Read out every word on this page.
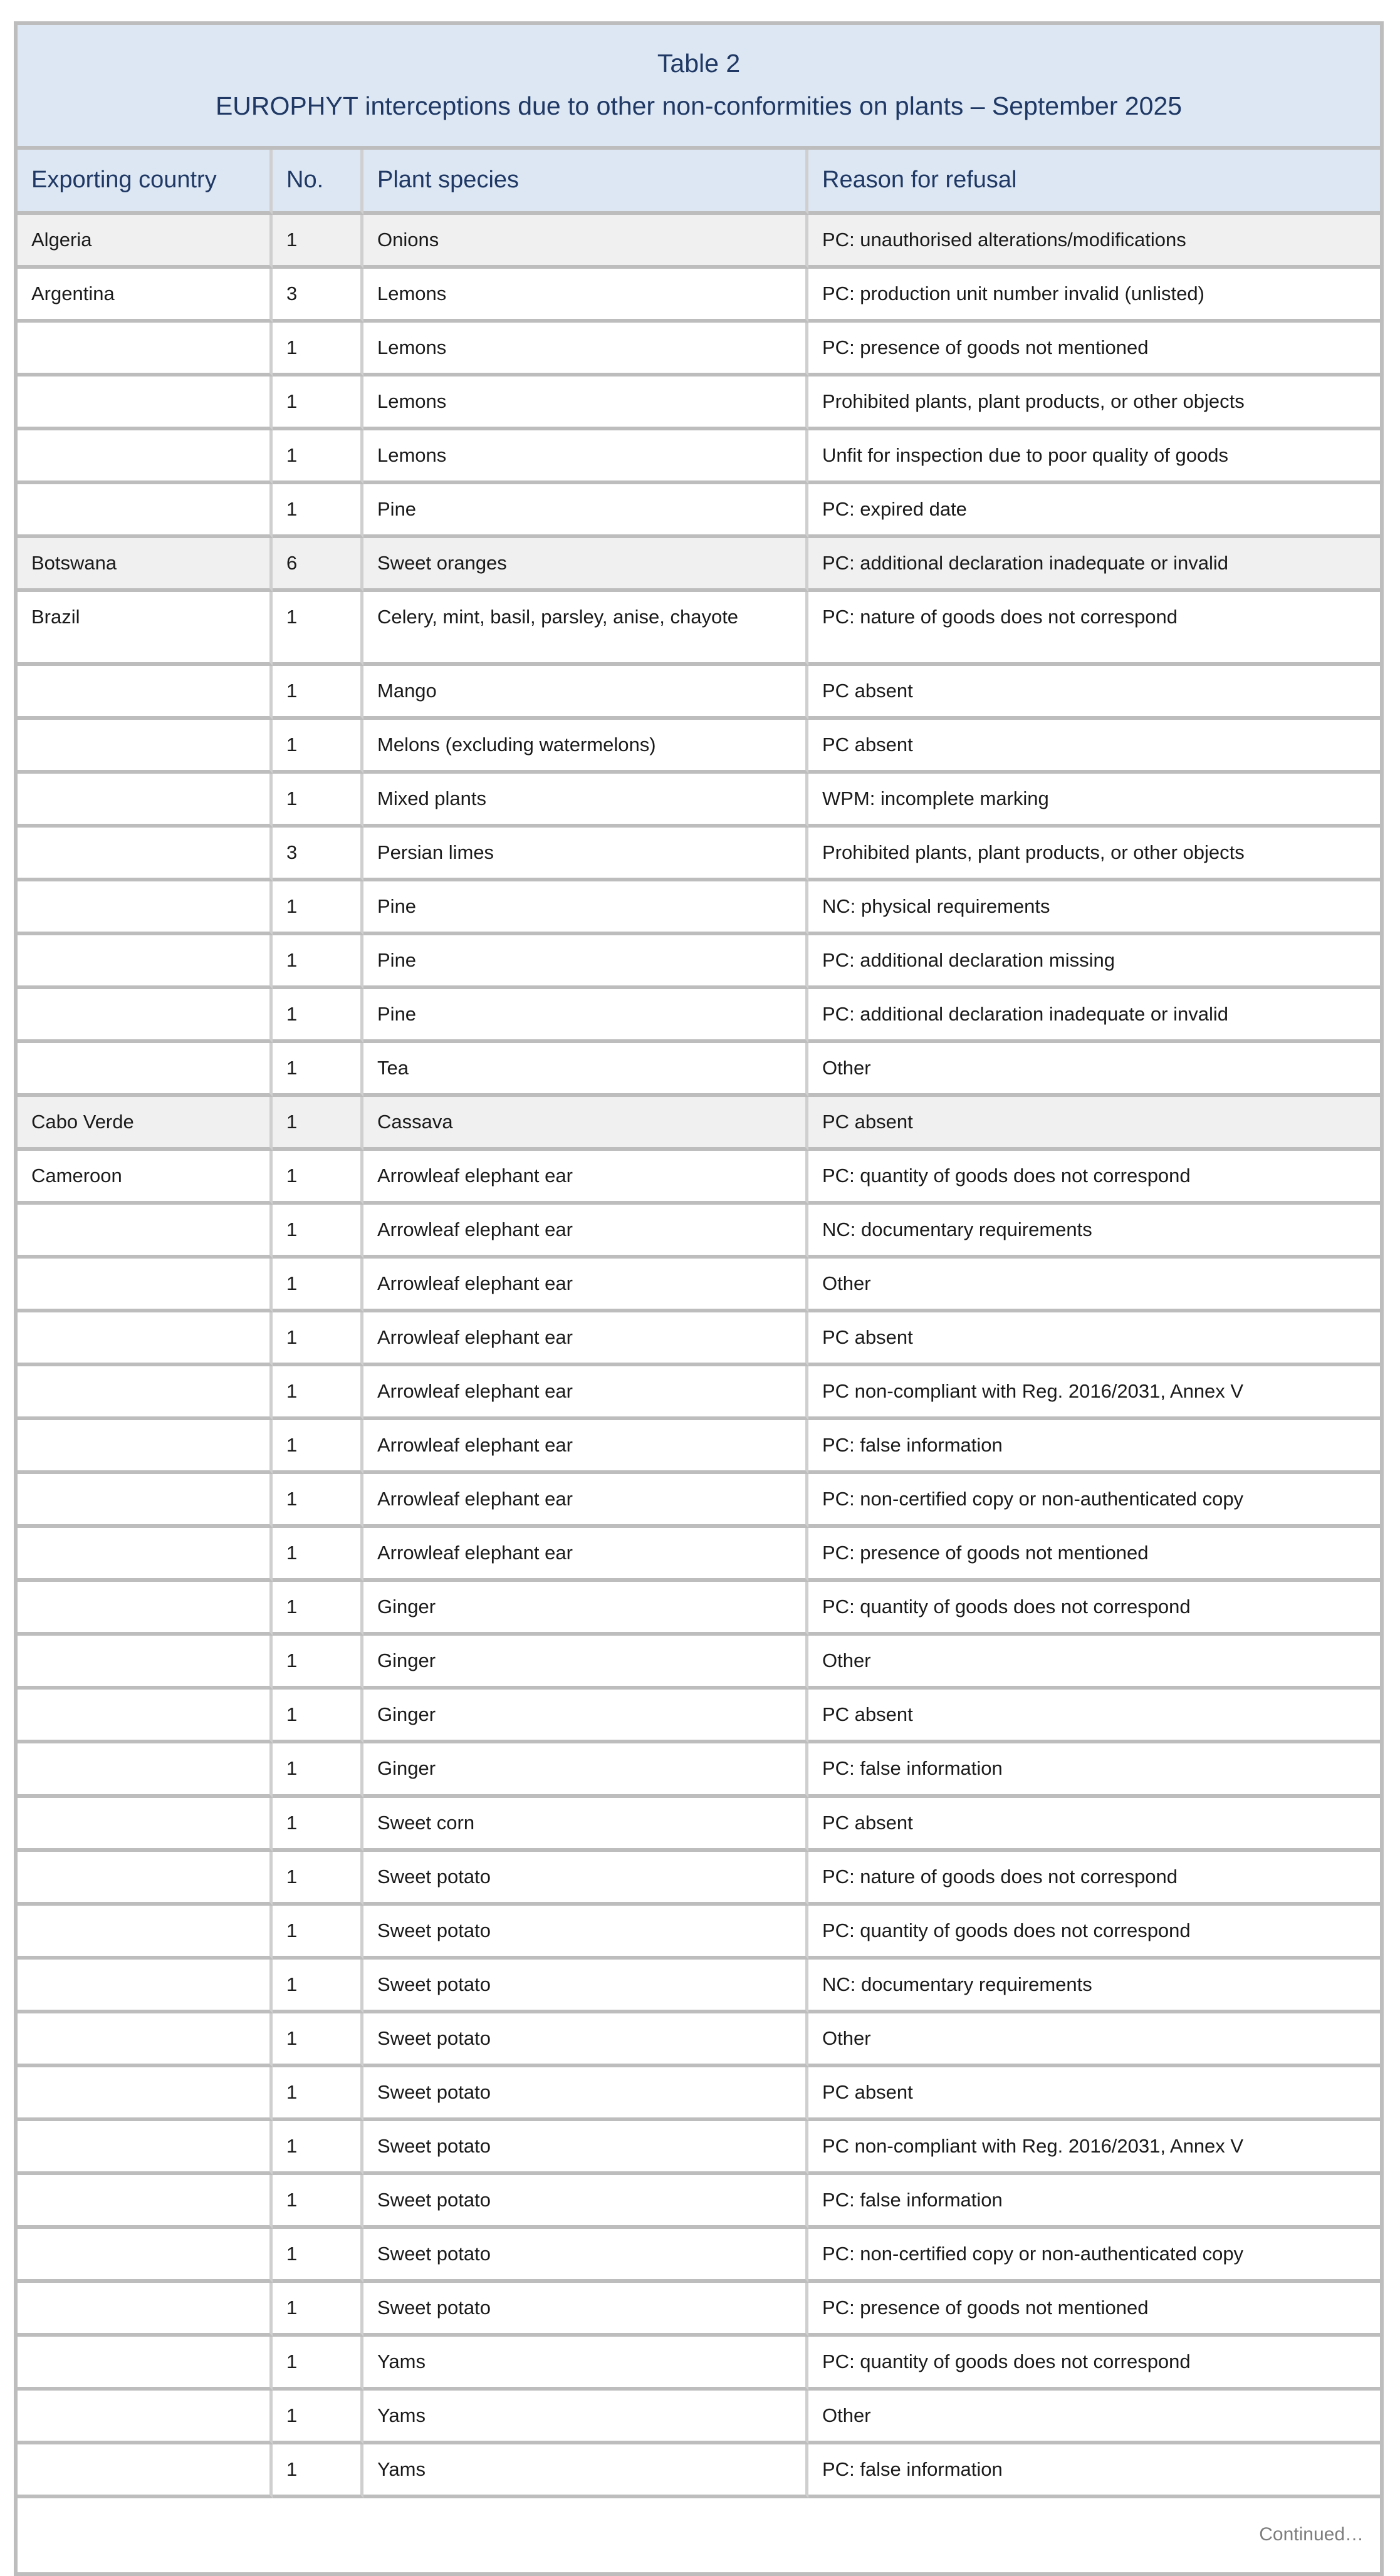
Table 2
EUROPHYT interceptions due to other non-conformities on plants – September 2025			

Exporting country	No.	Plant species	Reason for refusal
Algeria	1	Onions	PC: unauthorised alterations/modifications
Argentina	3	Lemons	PC: production unit number invalid (unlisted)
	1	Lemons	PC: presence of goods not mentioned
	1	Lemons	Prohibited plants, plant products, or other objects
	1	Lemons	Unfit for inspection due to poor quality of goods
	1	Pine	PC: expired date
Botswana	6	Sweet oranges	PC: additional declaration inadequate or invalid
Brazil	1	Celery, mint, basil, parsley, anise, chayote	PC: nature of goods does not correspond
	1	Mango	PC absent
	1	Melons (excluding watermelons)	PC absent
	1	Mixed plants	WPM: incomplete marking
	3	Persian limes	Prohibited plants, plant products, or other objects
	1	Pine	NC: physical requirements
	1	Pine	PC: additional declaration missing
	1	Pine	PC: additional declaration inadequate or invalid
	1	Tea	Other
Cabo Verde	1	Cassava	PC absent
Cameroon	1	Arrowleaf elephant ear	PC: quantity of goods does not correspond
	1	Arrowleaf elephant ear	NC: documentary requirements
	1	Arrowleaf elephant ear	Other
	1	Arrowleaf elephant ear	PC absent
	1	Arrowleaf elephant ear	PC non-compliant with Reg. 2016/2031, Annex V
	1	Arrowleaf elephant ear	PC: false information
	1	Arrowleaf elephant ear	PC: non-certified copy or non-authenticated copy
	1	Arrowleaf elephant ear	PC: presence of goods not mentioned
	1	Ginger	PC: quantity of goods does not correspond
	1	Ginger	Other
	1	Ginger	PC absent
	1	Ginger	PC: false information
	1	Sweet corn	PC absent
	1	Sweet potato	PC: nature of goods does not correspond
	1	Sweet potato	PC: quantity of goods does not correspond
	1	Sweet potato	NC: documentary requirements
	1	Sweet potato	Other
	1	Sweet potato	PC absent
	1	Sweet potato	PC non-compliant with Reg. 2016/2031, Annex V
	1	Sweet potato	PC: false information
	1	Sweet potato	PC: non-certified copy or non-authenticated copy
	1	Sweet potato	PC: presence of goods not mentioned
	1	Yams	PC: quantity of goods does not correspond
	1	Yams	Other
	1	Yams	PC: false information
Continued…			
